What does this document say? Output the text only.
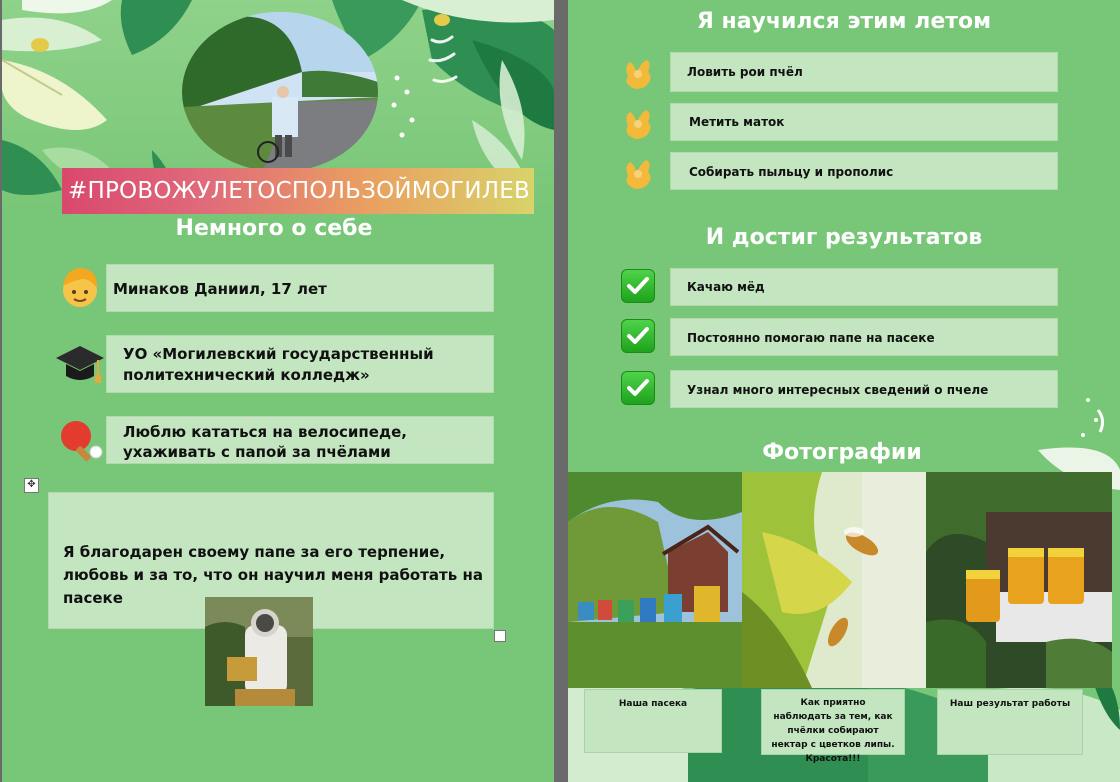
#ПРОВОЖУЛЕТОСПОЛЬЗОЙМОГИЛЕВ
Немного о себе
Минаков Даниил, 17 лет
УО «Могилевский государственный политехнический колледж»
Люблю кататься на велосипеде, ухаживать с папой за пчёлами
✥
Я благодарен своему папе за его терпение, любовь и за то, что он научил меня работать на пасеке
Я научился этим летом
Ловить рои пчёл
Метить маток
Собирать пыльцу и прополис
И достиг результатов
Качаю мёд
Постоянно помогаю папе на пасеке
Узнал много интересных сведений о пчеле
Фотографии
Наша пасека	Как приятно наблюдать за тем, как пчёлки собирают нектар с цветков липы. Красота!!!
Наш результат работы
